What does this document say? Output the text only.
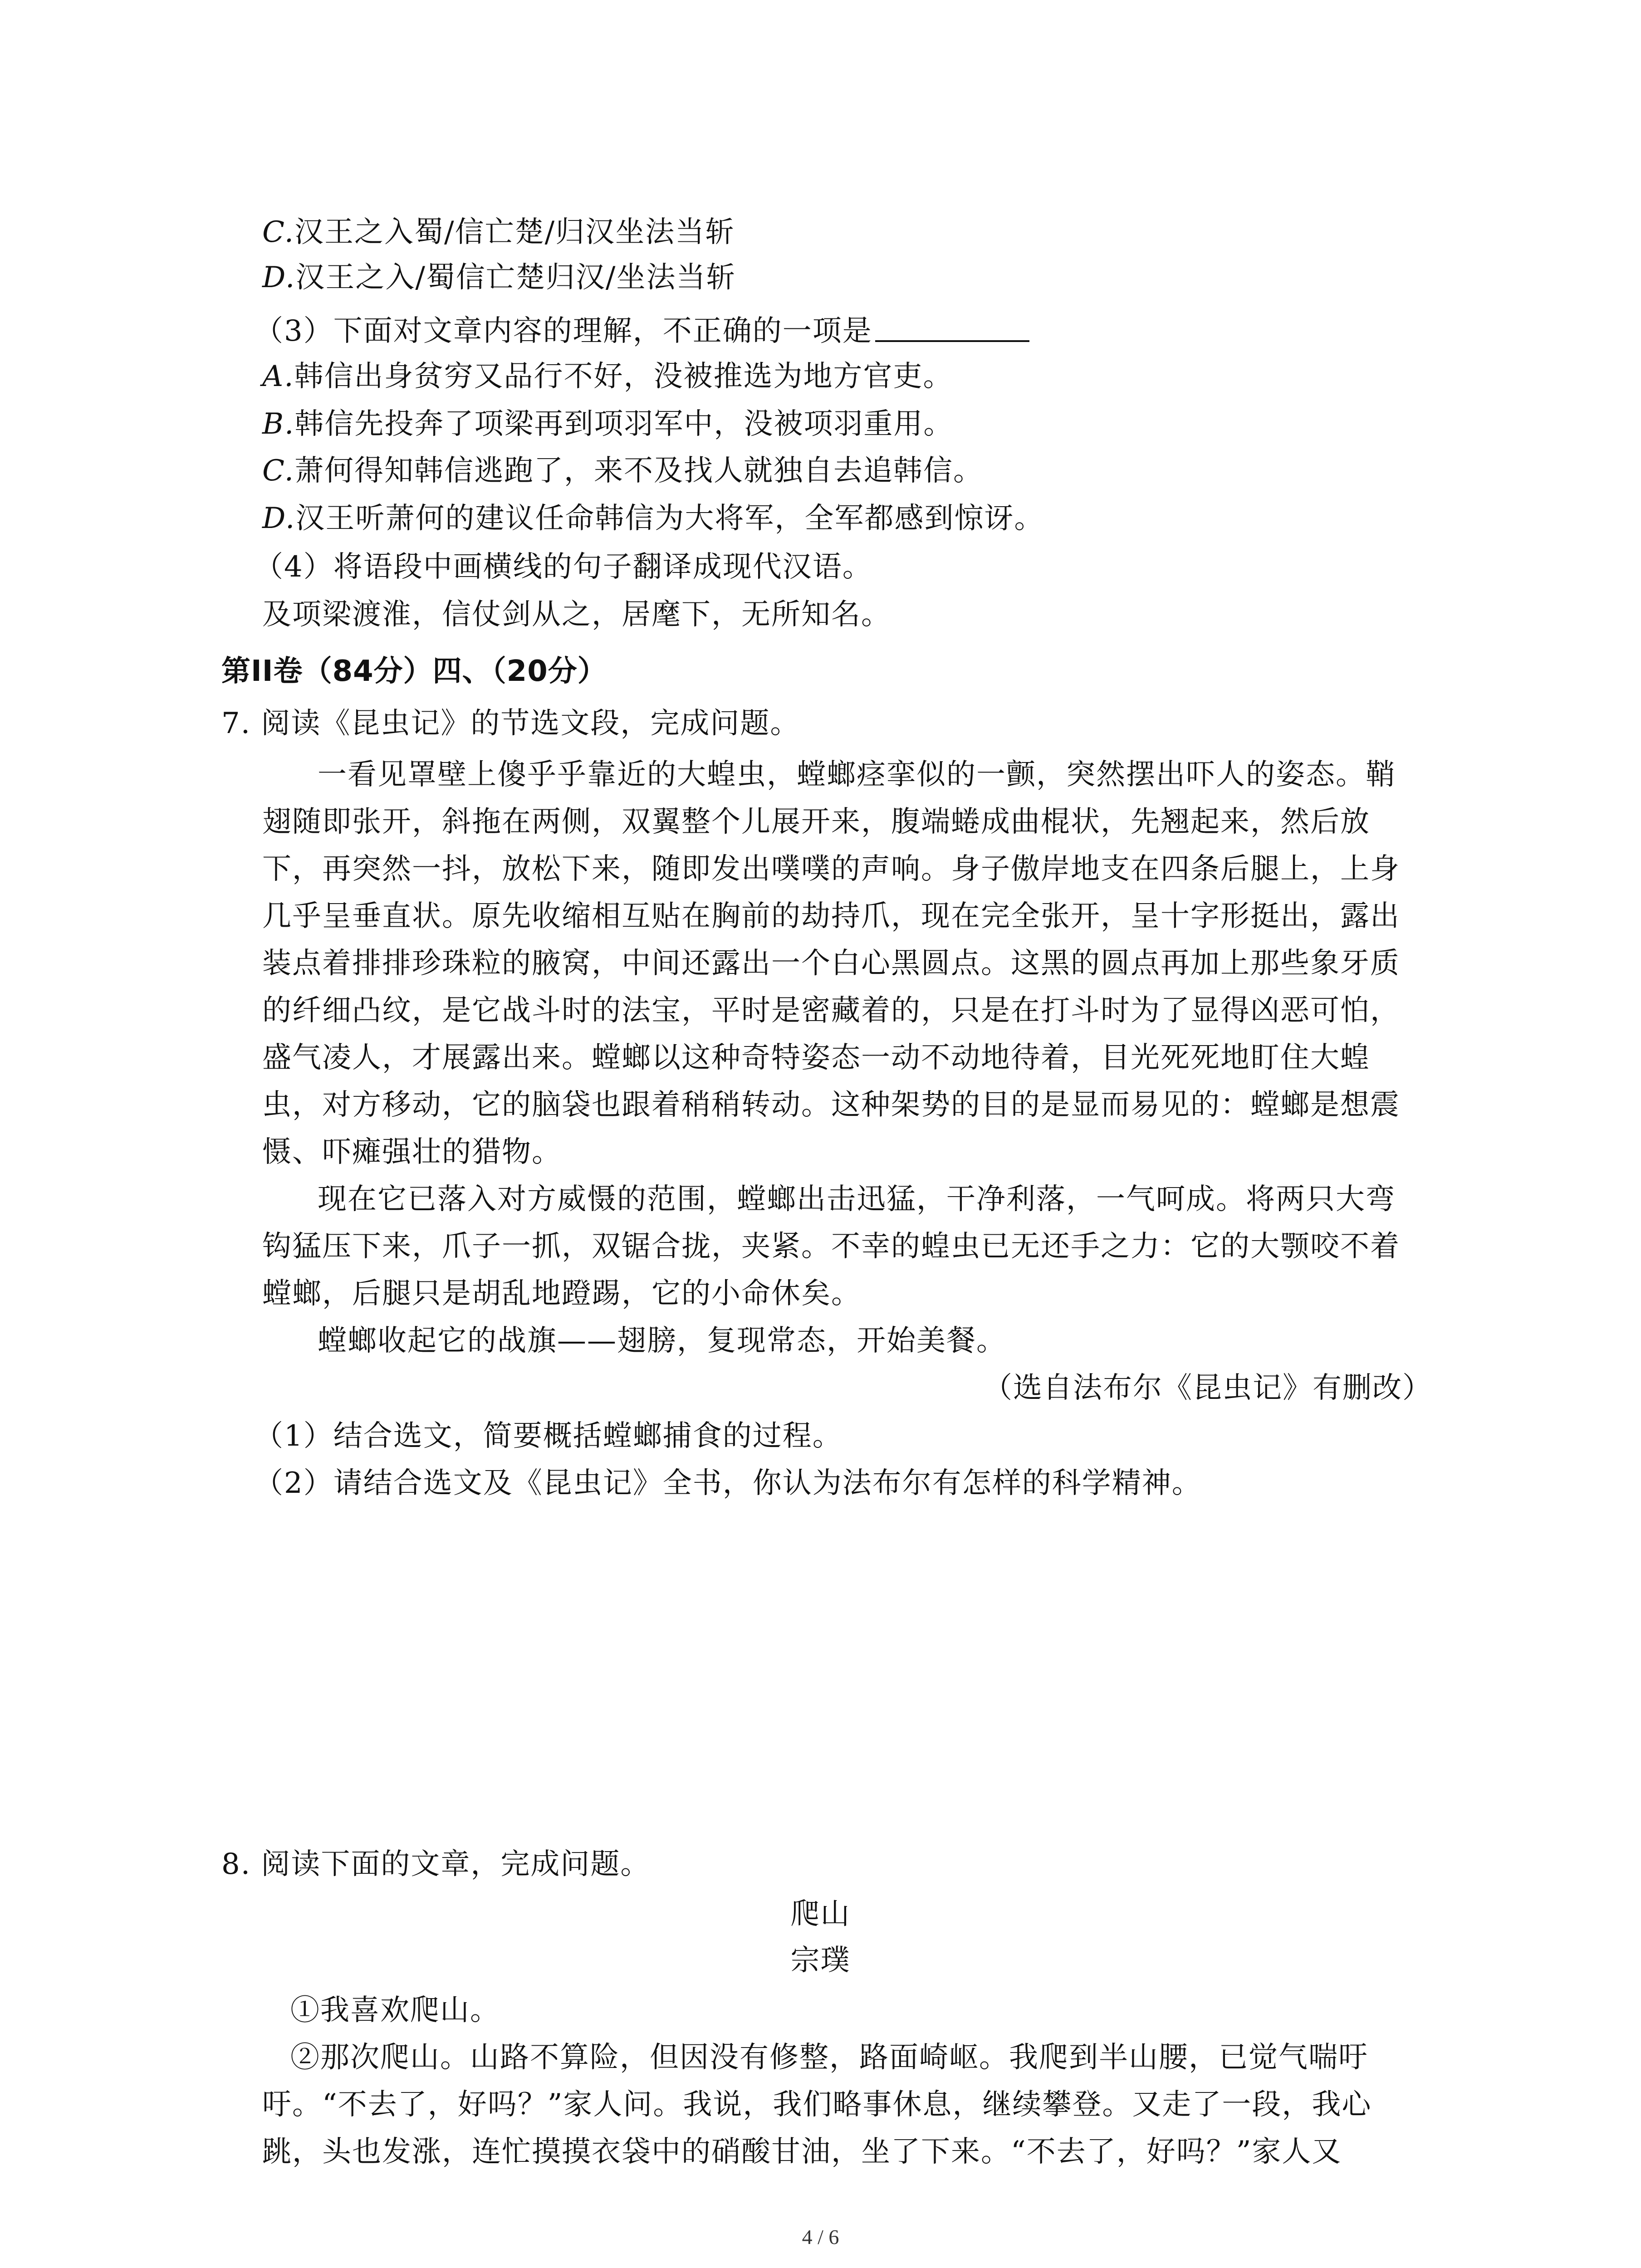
C.汉王之入蜀/信亡楚/归汉坐法当斩
D.汉王之入/蜀信亡楚归汉/坐法当斩
（3）下面对文章内容的理解，不正确的一项是
A.韩信出身贫穷又品行不好，没被推选为地方官吏。
B.韩信先投奔了项梁再到项羽军中，没被项羽重用。
C.萧何得知韩信逃跑了，来不及找人就独自去追韩信。
D.汉王听萧何的建议任命韩信为大将军，全军都感到惊讶。
（4）将语段中画横线的句子翻译成现代汉语。
及项梁渡淮，信仗剑从之，居麾下，无所知名。
第II卷（84分）四、（20分）
7. 阅读《昆虫记》的节选文段，完成问题。
一看见罩壁上傻乎乎靠近的大蝗虫，螳螂痉挛似的一颤，突然摆出吓人的姿态。鞘
翅随即张开，斜拖在两侧，双翼整个儿展开来，腹端蜷成曲棍状，先翘起来，然后放
下，再突然一抖，放松下来，随即发出噗噗的声响。身子傲岸地支在四条后腿上，上身
几乎呈垂直状。原先收缩相互贴在胸前的劫持爪，现在完全张开，呈十字形挺出，露出
装点着排排珍珠粒的腋窝，中间还露出一个白心黑圆点。这黑的圆点再加上那些象牙质
的纤细凸纹，是它战斗时的法宝，平时是密藏着的，只是在打斗时为了显得凶恶可怕，
盛气凌人，才展露出来。螳螂以这种奇特姿态一动不动地待着，目光死死地盯住大蝗
虫，对方移动，它的脑袋也跟着稍稍转动。这种架势的目的是显而易见的：螳螂是想震
慑、吓瘫强壮的猎物。
现在它已落入对方威慑的范围，螳螂出击迅猛，干净利落，一气呵成。将两只大弯
钩猛压下来，爪子一抓，双锯合拢，夹紧。不幸的蝗虫已无还手之力：它的大颚咬不着
螳螂，后腿只是胡乱地蹬踢，它的小命休矣。
螳螂收起它的战旗——翅膀，复现常态，开始美餐。
（选自法布尔《昆虫记》有删改）
（1）结合选文，简要概括螳螂捕食的过程。
（2）请结合选文及《昆虫记》全书，你认为法布尔有怎样的科学精神。
8. 阅读下面的文章，完成问题。
爬山
宗璞
①我喜欢爬山。
②那次爬山。山路不算险，但因没有修整，路面崎岖。我爬到半山腰，已觉气喘吁
吁。“不去了，好吗？”家人问。我说，我们略事休息，继续攀登。又走了一段，我心
跳，头也发涨，连忙摸摸衣袋中的硝酸甘油，坐了下来。“不去了，好吗？”家人又
4 / 6
